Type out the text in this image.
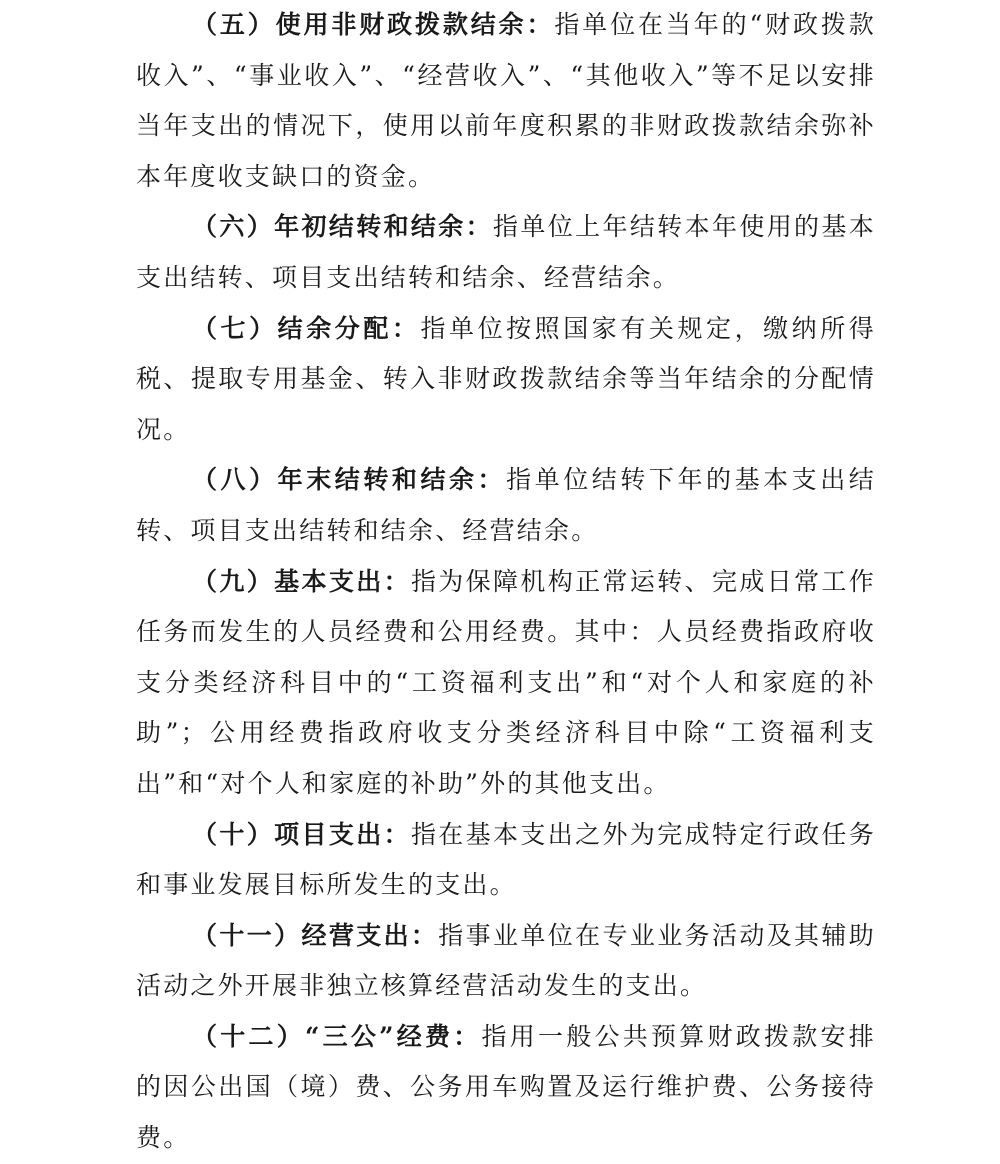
（五）使用非财政拨款结余：指单位在当年的“财政拨款收入”、“事业收入”、“经营收入”、“其他收入”等不足以安排当年支出的情况下，使用以前年度积累的非财政拨款结余弥补本年度收支缺口的资金。

（六）年初结转和结余：指单位上年结转本年使用的基本支出结转、项目支出结转和结余、经营结余。

（七）结余分配：指单位按照国家有关规定，缴纳所得税、提取专用基金、转入非财政拨款结余等当年结余的分配情况。

（八）年末结转和结余：指单位结转下年的基本支出结转、项目支出结转和结余、经营结余。

（九）基本支出：指为保障机构正常运转、完成日常工作任务而发生的人员经费和公用经费。其中：人员经费指政府收支分类经济科目中的“工资福利支出”和“对个人和家庭的补助”；公用经费指政府收支分类经济科目中除“工资福利支出”和“对个人和家庭的补助”外的其他支出。

（十）项目支出：指在基本支出之外为完成特定行政任务和事业发展目标所发生的支出。

（十一）经营支出：指事业单位在专业业务活动及其辅助活动之外开展非独立核算经营活动发生的支出。

（十二）“三公”经费：指用一般公共预算财政拨款安排的因公出国（境）费、公务用车购置及运行维护费、公务接待费。
